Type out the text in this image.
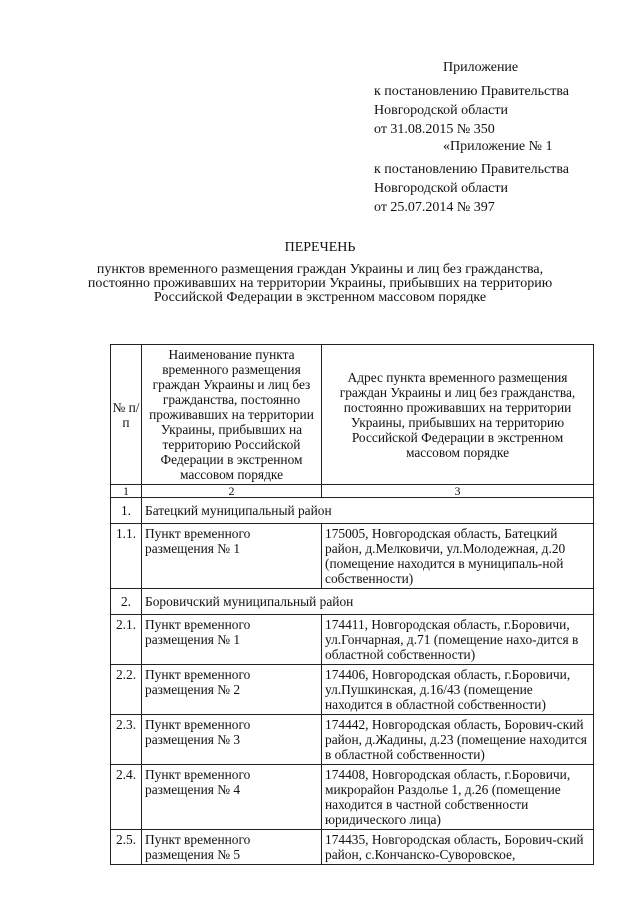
Приложение
к постановлению Правительства
Новгородской области
от 31.08.2015 № 350
«Приложение № 1
к постановлению Правительства
Новгородской области
от 25.07.2014 № 397
ПЕРЕЧЕНЬ
пунктов временного размещения граждан Украины и лиц без гражданства,
постоянно проживавших на территории Украины, прибывших на территорию
Российской Федерации в экстренном массовом порядке
№ п/п	Наименование пункта временного размещения граждан Украины и лиц без гражданства, постоянно проживавших на территории Украины, прибывших на территорию Российской Федерации в экстренном массовом порядке	Адрес пункта временного размещения граждан Украины и лиц без гражданства, постоянно проживавших на территории Украины, прибывших на территорию Российской Федерации в экстренном массовом порядке
1	2	3
1.	Батецкий муниципальный район	
1.1.	Пункт временного размещения № 1	175005, Новгородская область, Батецкий район, д.Мелковичи, ул.Молодежная, д.20 (помещение находится в муниципаль-ной собственности)
2.	Боровичский муниципальный район	
2.1.	Пункт временного размещения № 1	174411, Новгородская область, г.Боровичи, ул.Гончарная, д.71 (помещение нахо-дится в областной собственности)
2.2.	Пункт временного размещения № 2	174406, Новгородская область, г.Боровичи, ул.Пушкинская, д.16/43 (помещение находится в областной собственности)
2.3.	Пункт временного размещения № 3	174442, Новгородская область, Борович-ский район, д.Жадины, д.23 (помещение находится в областной собственности)
2.4.	Пункт временного размещения № 4	174408, Новгородская область, г.Боровичи, микрорайон Раздолье 1, д.26 (помещение находится в частной собственности юридического лица)
2.5.	Пункт временного размещения № 5	174435, Новгородская область, Борович-ский район, с.Кончанско-Суворовское,
